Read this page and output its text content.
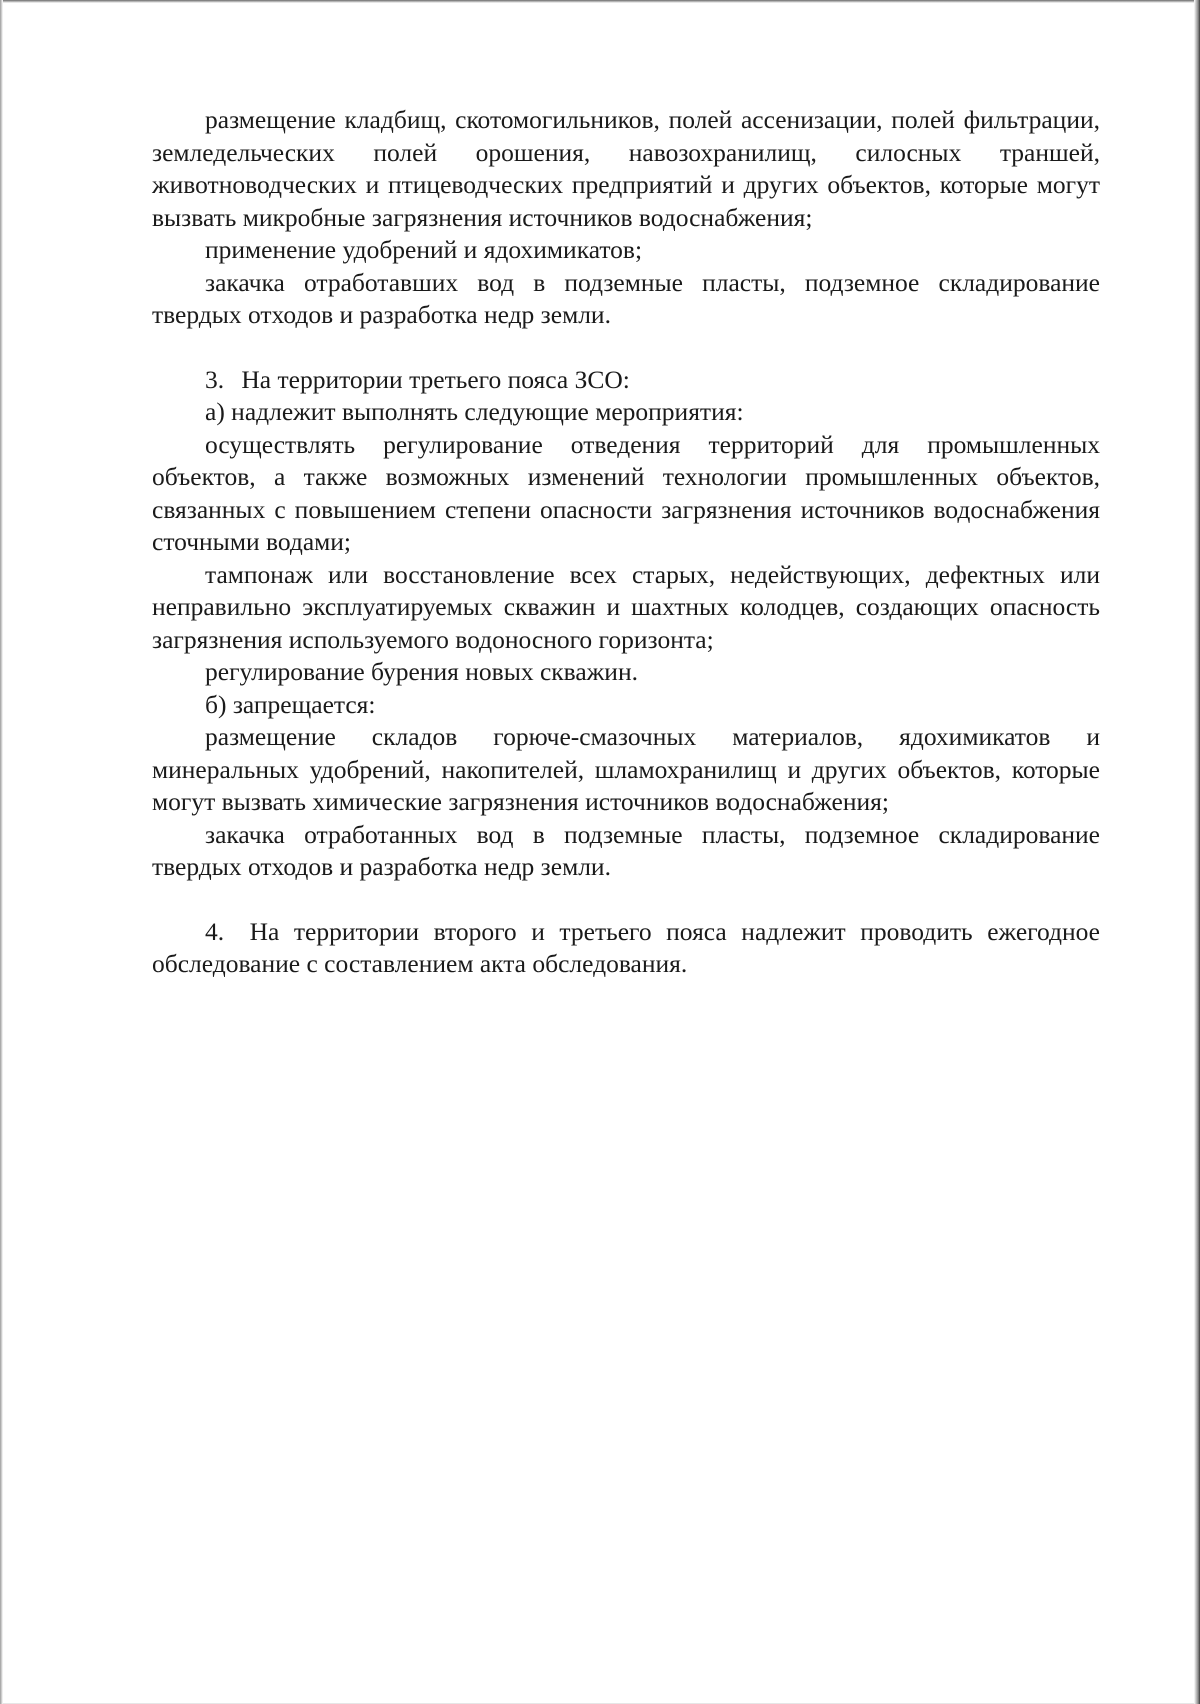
размещение кладбищ, скотомогильников, полей ассенизации, полей фильтрации, земледельческих полей орошения, навозохранилищ, силосных траншей, животноводческих и птицеводческих предприятий и других объектов, которые могут вызвать микробные загрязнения источников водоснабжения;

применение удобрений и ядохимикатов;

закачка отработавших вод в подземные пласты, подземное складирование твердых отходов и разработка недр земли.

3. На территории третьего пояса ЗСО:

а) надлежит выполнять следующие мероприятия:

осуществлять регулирование отведения территорий для промышленных объектов, а также возможных изменений технологии промышленных объектов, связанных с повышением степени опасности загрязнения источников водоснабжения сточными водами;

тампонаж или восстановление всех старых, недействующих, дефектных или неправильно эксплуатируемых скважин и шахтных колодцев, создающих опасность загрязнения используемого водоносного горизонта;

регулирование бурения новых скважин.

б) запрещается:

размещение складов горюче-смазочных материалов, ядохимикатов и минеральных удобрений, накопителей, шламохранилищ и других объектов, которые могут вызвать химические загрязнения источников водоснабжения;

закачка отработанных вод в подземные пласты, подземное складирование твердых отходов и разработка недр земли.

4. На территории второго и третьего пояса надлежит проводить ежегодное обследование с составлением акта обследования.
